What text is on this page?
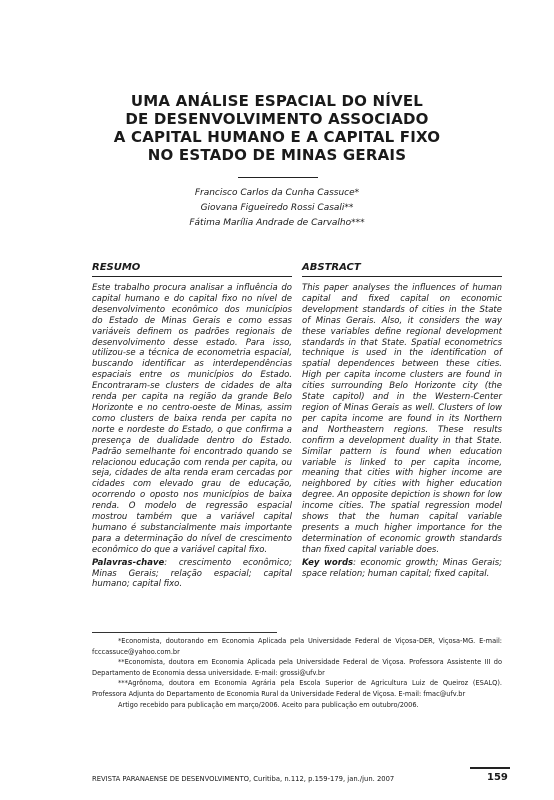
UMA ANÁLISE ESPACIAL DO NÍVEL
DE DESENVOLVIMENTO ASSOCIADO
A CAPITAL HUMANO E A CAPITAL FIXO
NO ESTADO DE MINAS GERAIS
Francisco Carlos da Cunha Cassuce*
Giovana Figueiredo Rossi Casali**
Fátima Marília Andrade de Carvalho***
RESUMO

Este trabalho procura analisar a influência do capital humano e do capital fixo no nível de desenvolvimento econômico dos municípios do Estado de Minas Gerais e como essas variáveis definem os padrões regionais de desenvolvimento desse estado. Para isso, utilizou-se a técnica de econometria espacial, buscando identificar as interdependências espaciais entre os municípios do Estado. Encontraram-se clusters de cidades de alta renda per capita na região da grande Belo Horizonte e no centro-oeste de Minas, assim como clusters de baixa renda per capita no norte e nordeste do Estado, o que confirma a presença de dualidade dentro do Estado. Padrão semelhante foi encontrado quando se relacionou educação com renda per capita, ou seja, cidades de alta renda eram cercadas por cidades com elevado grau de educação, ocorrendo o oposto nos municípios de baixa renda. O modelo de regressão espacial mostrou também que a variável capital humano é substancialmente mais importante para a determinação do nível de crescimento econômico do que a variável capital fixo.

Palavras-chave: crescimento econômico; Minas Gerais; relação espacial; capital humano; capital fixo.

ABSTRACT

This paper analyses the influences of human capital and fixed capital on economic development standards of cities in the State of Minas Gerais. Also, it considers the way these variables define regional development standards in that State. Spatial econometrics technique is used in the identification of spatial dependences between these cities. High per capita income clusters are found in cities surrounding Belo Horizonte city (the State capitol) and in the Western-Center region of Minas Gerais as well. Clusters of low per capita income are found in its Northern and Northeastern regions. These results confirm a development duality in that State. Similar pattern is found when education variable is linked to per capita income, meaning that cities with higher income are neighbored by cities with higher education degree. An opposite depiction is shown for low income cities. The spatial regression model shows that the human capital variable presents a much higher importance for the determination of economic growth standards than fixed capital variable does.

Key words: economic growth; Minas Gerais; space relation; human capital; fixed capital.

*Economista, doutorando em Economia Aplicada pela Universidade Federal de Viçosa-DER, Viçosa-MG. E-mail: fcccassuce@yahoo.com.br

**Economista, doutora em Economia Aplicada pela Universidade Federal de Viçosa. Professora Assistente III do Departamento de Economia dessa universidade. E-mail: grossi@ufv.br

***Agrônoma, doutora em Economia Agrária pela Escola Superior de Agricultura Luiz de Queiroz (ESALQ). Professora Adjunta do Departamento de Economia Rural da Universidade Federal de Viçosa. E-mail: fmac@ufv.br

Artigo recebido para publicação em março/2006. Aceito para publicação em outubro/2006.

REVISTA PARANAENSE DE DESENVOLVIMENTO, Curitiba, n.112, p.159-179, jan./jun. 2007	159
